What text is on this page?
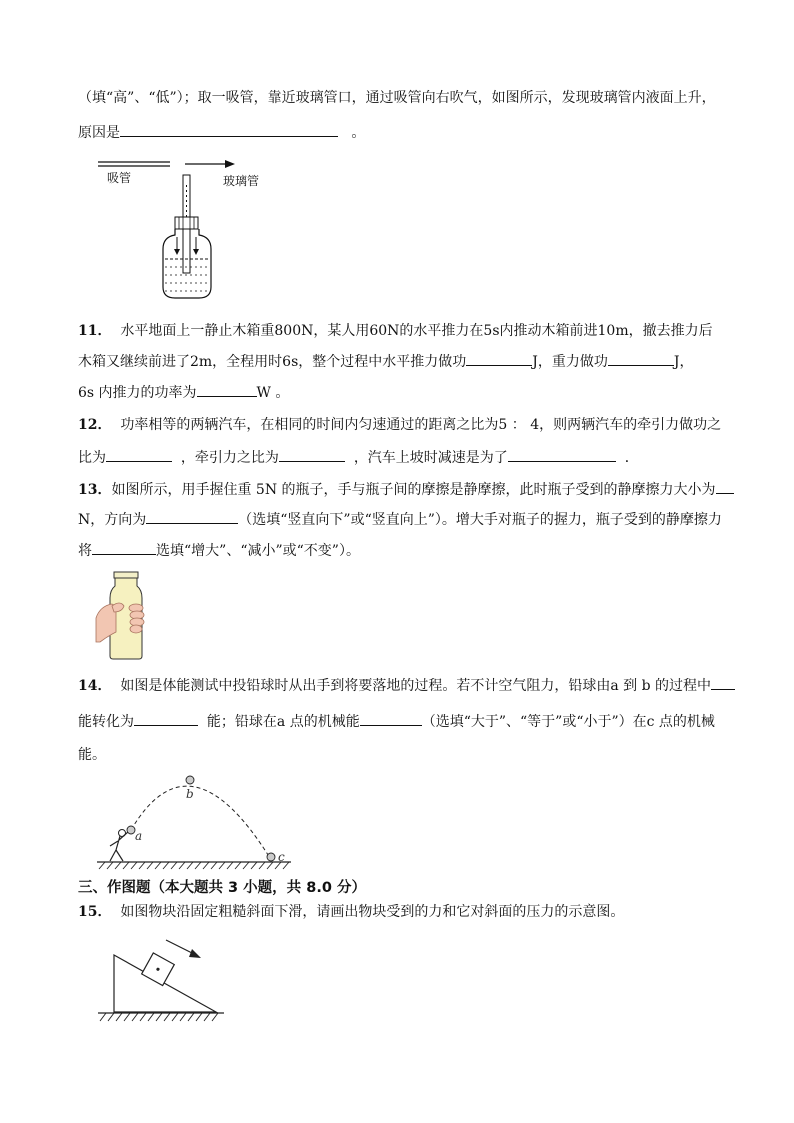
（填“高”、“低”）；取一吸管，靠近玻璃管口，通过吸管向右吹气，如图所示，发现玻璃管内液面上升，
原因是	。
吸管	玻璃管
11． 水平地面上一静止木箱重800N，某人用60N的水平推力在5s内推动木箱前进10m，撤去推力后
木箱又继续前进了2m，全程用时6s，整个过程中水平推力做功	J，重力做功	J，
6s 内推力的功率为	W 。
12． 功率相等的两辆汽车，在相同的时间内匀速通过的距离之比为5 ： 4，则两辆汽车的牵引力做功之
比为	，牵引力之比为	，汽车上坡时减速是为了	．
13．如图所示，用手握住重 5N 的瓶子，手与瓶子间的摩擦是静摩擦，此时瓶子受到的静摩擦力大小为
N，方向为	（选填“竖直向下”或“竖直向上”）。增大手对瓶子的握力，瓶子受到的静摩擦力
将	选填“增大”、“减小”或“不变”）。
14． 如图是体能测试中投铅球时从出手到将要落地的过程。若不计空气阻力，铅球由a 到 b 的过程中
能转化为	能；铅球在a 点的机械能	（选填“大于”、“等于”或“小于”）在c 点的机械
能。
a
b
c
三、作图题（本大题共 3 小题，共 8.0 分）
15． 如图物块沿固定粗糙斜面下滑，请画出物块受到的力和它对斜面的压力的示意图。
